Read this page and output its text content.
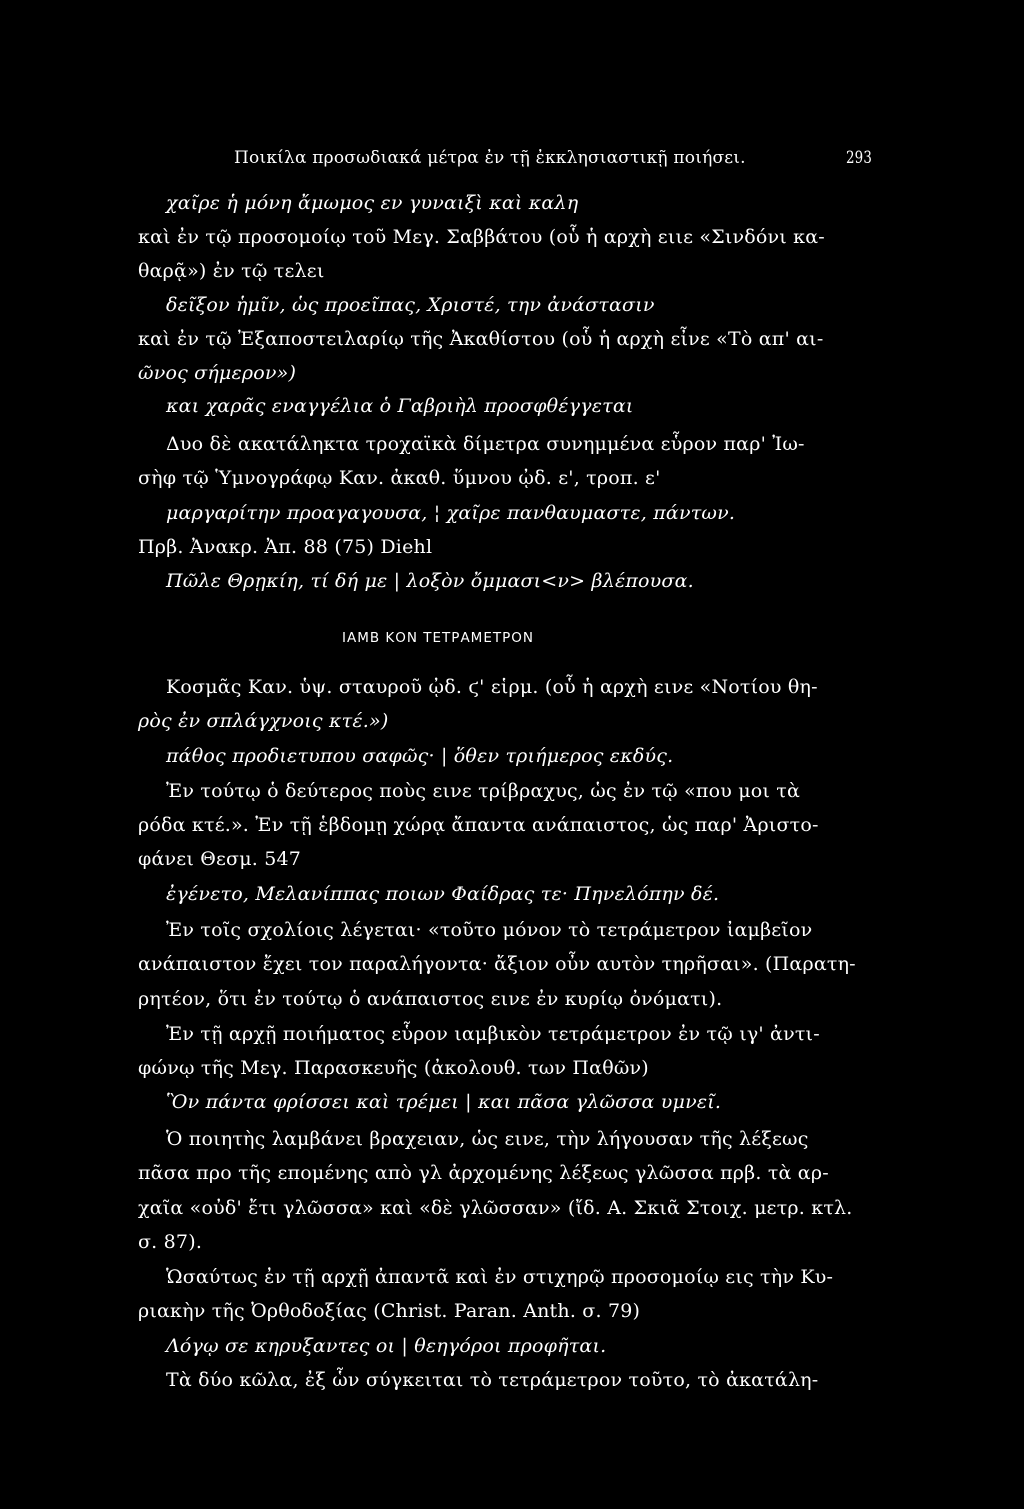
Ποικίλα προσωδιακά μέτρα ἐν τῇ ἐκκλησιαστικῇ ποιήσει.	293
χαῖρε ἡ μόνη ἄμωμος εν γυναιξὶ καὶ καλη
καὶ ἐν τῷ προσομοίῳ τοῦ Μεγ. Σαββάτου (οὗ ἡ αρχὴ ειιε «Σινδόνι κα-
θαρᾷ») ἐν τῷ τελει
δεῖξον ἡμῖν, ὡς προεῖπας, Χριστέ, την ἀνάστασιν
καὶ ἐν τῷ Ἐξαποστειλαρίῳ τῆς Ἀκαθίστου (οὗ ἡ αρχὴ εἶνε «Τὸ απ' αι-
ῶνος σήμερον»)
και χαρᾶς εναγγέλια ὁ Γαβριὴλ προσφθέγγεται
Δυο δὲ ακατάληκτα τροχαϊκὰ δίμετρα συνημμένα εὗρον παρ' Ἰω-
σὴφ τῷ Ὑμνογράφῳ Καν. ἀκαθ. ὕμνου ᾠδ. ε', τροπ. ε'
μαργαρίτην προαγαγουσα, ¦ χαῖρε πανθαυμαστε, πάντων.
Πρβ. Ἀνακρ. Ἀπ. 88 (75) Diehl
Πῶλε Θρῃκίη, τί δή με | λοξὸν ὄμμασι<ν> βλέπουσα.
ΙΑΜΒ ΚΟΝ ΤΕΤΡΑΜΕΤΡΟΝ
Κοσμᾶς Καν. ὑψ. σταυροῦ ᾠδ. ϛ' εἱρμ. (οὗ ἡ αρχὴ εινε «Νοτίου θη-
ρὸς ἐν σπλάγχνοις κτέ.»)
πάθος προδιετυπου σαφῶς· | ὅθεν τριήμερος εκδύς.
Ἐν τούτῳ ὁ δεύτερος ποὺς εινε τρίβραχυς, ὡς ἐν τῷ «που μοι τὰ
ρόδα κτέ.». Ἐν τῇ ἑβδομῃ χώρᾳ ἄπαντα ανάπαιστος, ὡς παρ' Ἀριστο-
φάνει Θεσμ. 547
ἐγένετο, Μελανίππας ποιων Φαίδρας τε· Πηνελόπην δέ.
Ἐν τοῖς σχολίοις λέγεται· «τοῦτο μόνον τὸ τετράμετρον ἰαμβεῖον
ανάπαιστον ἔχει τον παραλήγοντα· ἄξιον οὖν αυτὸν τηρῆσαι». (Παρατη-
ρητέον, ὅτι ἐν τούτῳ ὁ ανάπαιστος εινε ἐν κυρίῳ ὀνόματι).
Ἐν τῇ αρχῇ ποιήματος εὗρον ιαμβικὸν τετράμετρον ἐν τῷ ιγ' ἀντι-
φώνῳ τῆς Μεγ. Παρασκευῆς (ἀκολουθ. των Παθῶν)
Ὃν πάντα φρίσσει καὶ τρέμει | και πᾶσα γλῶσσα υμνεῖ.
Ὁ ποιητὴς λαμβάνει βραχειαν, ὡς εινε, τὴν λήγουσαν τῆς λέξεως
πᾶσα προ τῆς επομένης απὸ γλ ἀρχομένης λέξεως γλῶσσα πρβ. τὰ αρ-
χαῖα «οὐδ' ἔτι γλῶσσα» καὶ «δὲ γλῶσσαν» (ἴδ. Α. Σκιᾶ Στοιχ. μετρ. κτλ.
σ. 87).
Ὡσαύτως ἐν τῇ αρχῇ ἀπαντᾶ καὶ ἐν στιχηρῷ προσομοίῳ εις τὴν Κυ-
ριακὴν τῆς Ὀρθοδοξίας (Christ. Paran. Anth. σ. 79)
Λόγῳ σε κηρυξαντες οι | θεηγόροι προφῆται.
Τὰ δύο κῶλα, ἐξ ὧν σύγκειται τὸ τετράμετρον τοῦτο, τὸ ἀκατάλη-
